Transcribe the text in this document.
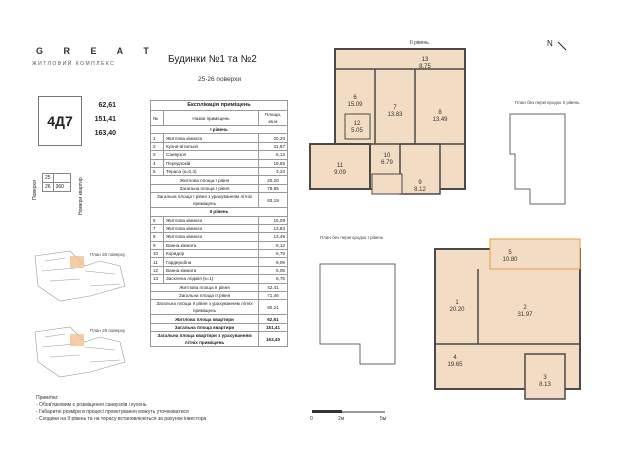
G R E A T
ЖИТЛОВИЙ КОМПЛЕКС	Будинки №1 та №2
25-26 поверхи
4Д7
62,61
151,41
163,40
Поверхи
25	
26	360	Номери квартир
План 26 поверху
План 25 поверху
Експлікація приміщень		
№	Назва приміщень	Площа, кв.м
І рівень		
1	Житлова кімната	20,20
2	Кухня-вітальня	31,97
3	Санвузол	8,13
4	Передпокій	19,65
5	Тераса (к=0,3)	3,24
Житлова площа І рівня		20,20
Загальна площа І рівня		79,95
Загальна площа І рівня з урахуванням літніх приміщень		83,19
ІІ рівень		
6	Житлова кімната	15,09
7	Житлова кімната	13,83
8	Житлова кімната	13,49
9	Ванна кімната	8,12
10	Коридор	6,79
11	Гардеробна	9,09
12	Ванна кімната	5,05
13	Засклена лоджія (к=1)	8,75
Житлова площа ІІ рівня		42,41
Загальна площа ІІ рівня		71,46
Загальна площа ІІ рівня з урахуванням літніх приміщень		80,21
Житлова площа квартири		62,61
Загальна площа квартири		151,41
Загальна площа квартири з урахуванням літніх приміщень		163,40
Примітки:
- Обов'язковим є розміщення санвузлів і кухонь
- Габаритні розміри в процесі проектування можуть уточнюватися
- Сходини на ІІ рівень та на терасу встановлюються за рахунок інвестора
ІІ рівень	N
13
8.75
6
15.09	7
13.83	8
13.49
12
5.05
11
9.09
10
6.79
9
8.12
План без перегородок ІІ рівень
План без перегородок І рівень
5
10.80
1
20.20	2
31.97
4
19.65
3
8.13
0	2м	5м
